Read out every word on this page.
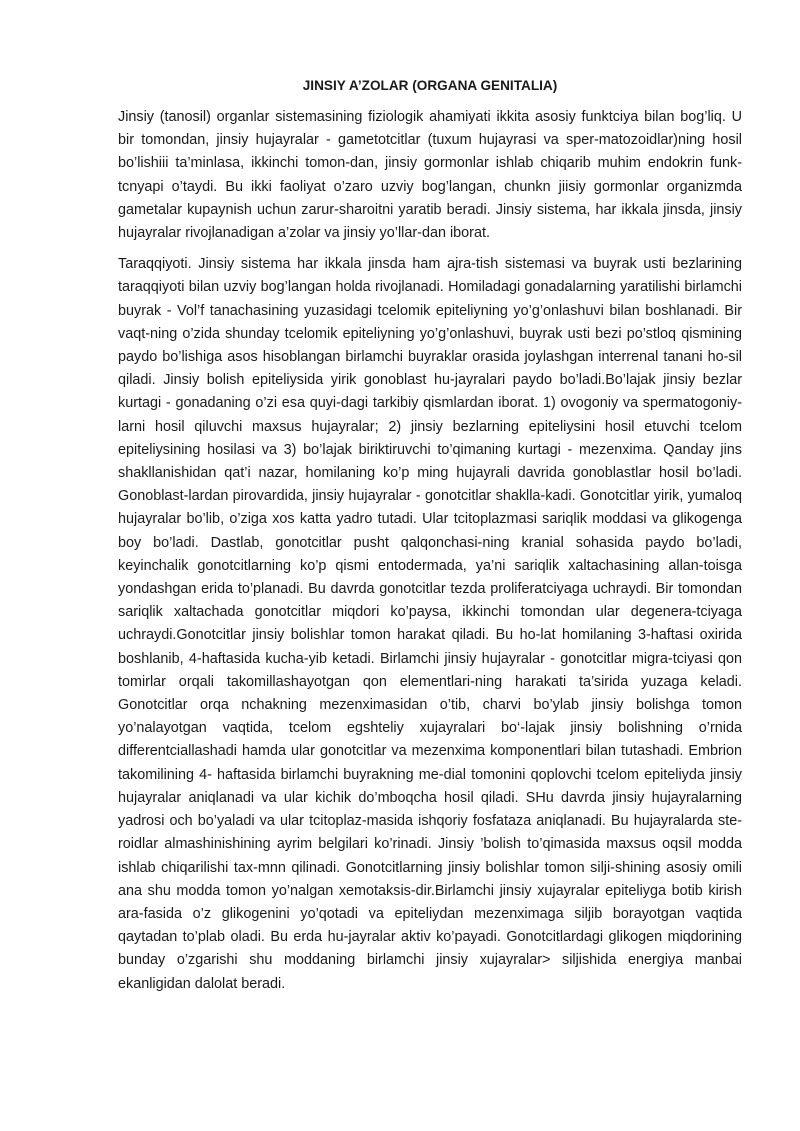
JINSIY A’ZOLAR (ORGANA GENITALIA)

Jinsiy (tanosil) organlar sistemasining fiziologik ahamiyati ikkita asosiy funktciya bilan bog’liq. U bir tomondan, jinsiy hujayralar - gametotcitlar (tuxum hujayrasi va sper-matozoidlar)ning hosil bo’lishiii ta’minlasa, ikkinchi tomon-dan, jinsiy gormonlar ishlab chiqarib muhim endokrin funk-tcnyapi o’taydi. Bu ikki faoliyat o’zaro uzviy bog’langan, chunkn jiisiy gormonlar organizmda gametalar kupaynish uchun zarur-sharoitni yaratib beradi. Jinsiy sistema, har ikkala jinsda, jinsiy hujayralar rivojlanadigan a’zolar va jinsiy yo’llar-dan iborat.

Taraqqiyoti. Jinsiy sistema har ikkala jinsda ham ajra-tish sistemasi va buyrak usti bezlarining taraqqiyoti bilan uzviy bog’langan holda rivojlanadi. Homiladagi gonadalarning yaratilishi birlamchi buyrak - Vol’f tanachasining yuzasidagi tcelomik epiteliyning yo’g’onlashuvi bilan boshlanadi. Bir vaqt-ning o’zida shunday tcelomik epiteliyning yo’g’onlashuvi, buyrak usti bezi po’stloq qismining paydo bo’lishiga asos hisoblangan birlamchi buyraklar orasida joylashgan interrenal tanani ho-sil qiladi. Jinsiy bolish epiteliysida yirik gonoblast hu-jayralari paydo bo’ladi.Bo’lajak jinsiy bezlar kurtagi - gonadaning o’zi esa quyi-dagi tarkibiy qismlardan iborat. 1) ovogoniy va spermatogoniy-larni hosil qiluvchi maxsus hujayralar; 2) jinsiy bezlarning epiteliysini hosil etuvchi tcelom epiteliysining hosilasi va 3) bo’lajak biriktiruvchi to’qimaning kurtagi - mezenxima. Qanday jins shakllanishidan qat’i nazar, homilaning ko’p ming hujayrali davrida gonoblastlar hosil bo’ladi. Gonoblast-lardan pirovardida, jinsiy hujayralar - gonotcitlar shaklla-kadi. Gonotcitlar yirik, yumaloq hujayralar bo’lib, o’ziga xos katta yadro tutadi. Ular tcitoplazmasi sariqlik moddasi va glikogenga boy bo’ladi. Dastlab, gonotcitlar pusht qalqonchasi-ning kranial sohasida paydo bo’ladi, keyinchalik gonotcitlarning ko’p qismi entodermada, ya’ni sariqlik xaltachasining allan-toisga yondashgan erida to’planadi. Bu davrda gonotcitlar tezda proliferatciyaga uchraydi. Bir tomondan sariqlik xaltachada gonotcitlar miqdori ko’paysa, ikkinchi tomondan ular degenera-tciyaga uchraydi.Gonotcitlar jinsiy bolishlar tomon harakat qiladi. Bu ho-lat homilaning 3-haftasi oxirida boshlanib, 4-haftasida kucha-yib ketadi. Birlamchi jinsiy hujayralar - gonotcitlar migra-tciyasi qon tomirlar orqali takomillashayotgan qon elementlari-ning harakati ta’sirida yuzaga keladi. Gonotcitlar orqa nchakning mezenximasidan o’tib, charvi bo’ylab jinsiy bolishga tomon yo’nalayotgan vaqtida, tcelom egshteliy xujayralari bo‘-lajak jinsiy bolishning o’rnida differentciallashadi hamda ular gonotcitlar va mezenxima komponentlari bilan tutashadi. Embrion takomilining 4- haftasida birlamchi buyrakning me-dial tomonini qoplovchi tcelom epiteliyda jinsiy hujayralar aniqlanadi va ular kichik do’mboqcha hosil qiladi. SHu davrda jinsiy hujayralarning yadrosi och bo’yaladi va ular tcitoplaz-masida ishqoriy fosfataza aniqlanadi. Bu hujayralarda ste-roidlar almashinishining ayrim belgilari ko’rinadi. Jinsiy ’bolish to’qimasida maxsus oqsil modda ishlab chiqarilishi tax-mnn qilinadi. Gonotcitlarning jinsiy bolishlar tomon silji-shining asosiy omili ana shu modda tomon yo’nalgan xemotaksis-dir.Birlamchi jinsiy xujayralar epiteliyga botib kirish ara-fasida o’z glikogenini yo’qotadi va epiteliydan mezenximaga siljib borayotgan vaqtida qaytadan to’plab oladi. Bu erda hu-jayralar aktiv ko’payadi. Gonotcitlardagi glikogen miqdorining bunday o’zgarishi shu moddaning birlamchi jinsiy xujayralar> siljishida energiya manbai ekanligidan dalolat beradi.
